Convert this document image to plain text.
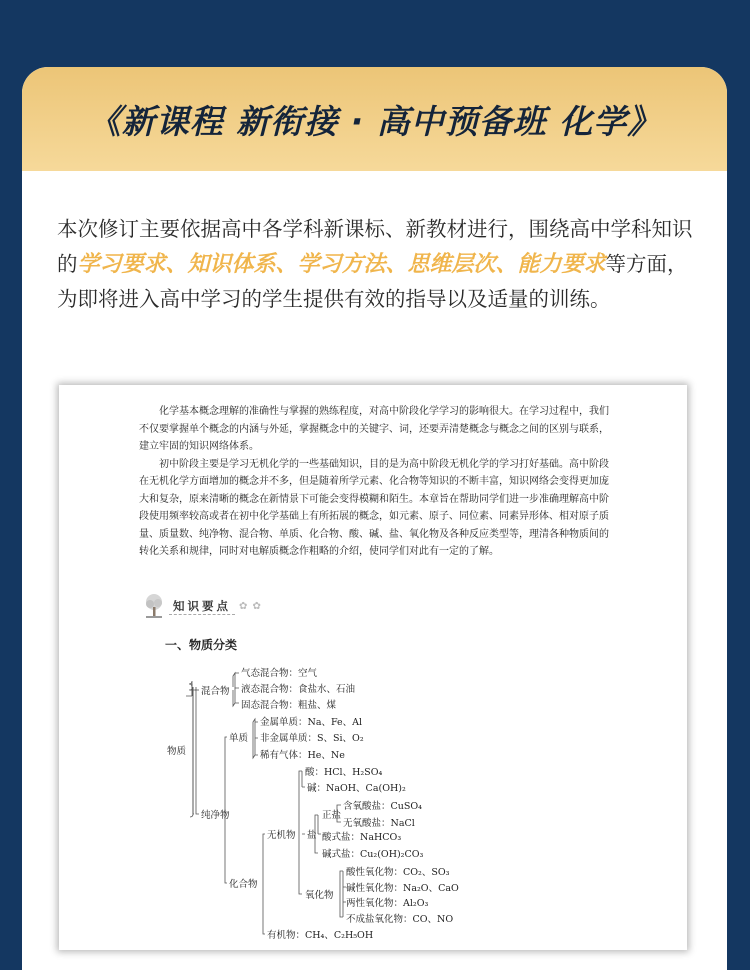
《新课程 新衔接 · 高中预备班 化学》

本次修订主要依据高中各学科新课标、新教材进行，围绕高中学科知识的学习要求、知识体系、学习方法、思维层次、能力要求等方面，为即将进入高中学习的学生提供有效的指导以及适量的训练。

化学基本概念理解的准确性与掌握的熟练程度，对高中阶段化学学习的影响很大。在学习过程中，我们不仅要掌握单个概念的内涵与外延，掌握概念中的关键字、词，还要弄清楚概念与概念之间的区别与联系，建立牢固的知识网络体系。

初中阶段主要是学习无机化学的一些基础知识，目的是为高中阶段无机化学的学习打好基础。高中阶段在无机化学方面增加的概念并不多，但是随着所学元素、化合物等知识的不断丰富，知识网络会变得更加庞大和复杂，原来清晰的概念在新情景下可能会变得模糊和陌生。本章旨在帮助同学们进一步准确理解高中阶段使用频率较高或者在初中化学基础上有所拓展的概念，如元素、原子、同位素、同素异形体、相对原子质量、质量数、纯净物、混合物、单质、化合物、酸、碱、盐、氧化物及各种反应类型等，理清各种物质间的转化关系和规律，同时对电解质概念作粗略的介绍，使同学们对此有一定的了解。

知识要点 ✿ ✿

一、物质分类

物质
混合物
气态混合物：空气
液态混合物：食盐水、石油
固态混合物：粗盐、煤
纯净物
单质
金属单质：Na、Fe、Al
非金属单质：S、Si、O₂
稀有气体：He、Ne
化合物
无机物
酸：HCl、H₂SO₄
碱：NaOH、Ca(OH)₂
盐
正盐
含氧酸盐：CuSO₄
无氧酸盐：NaCl
酸式盐：NaHCO₃
碱式盐：Cu₂(OH)₂CO₃
氧化物
酸性氧化物：CO₂、SO₃
碱性氧化物：Na₂O、CaO
两性氧化物：Al₂O₃
不成盐氧化物：CO、NO
有机物：CH₄、C₂H₅OH
